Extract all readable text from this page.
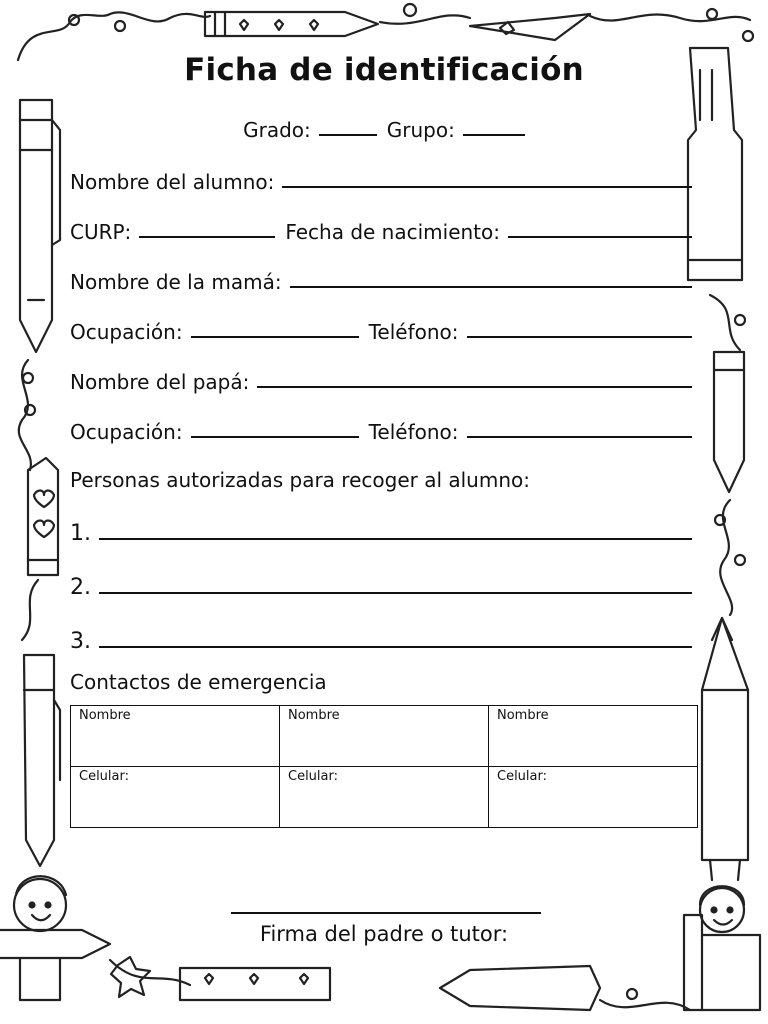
Ficha de identificación
Grado:	Grupo:
Nombre del alumno:
CURP:	Fecha de nacimiento:
Nombre de la mamá:
Ocupación:	Teléfono:
Nombre del papá:
Ocupación:	Teléfono:
Personas autorizadas para recoger al alumno:
1.
2.
3.
Contactos de emergencia
Nombre	Nombre	Nombre
Celular:	Celular:	Celular:
Firma del padre o tutor:
